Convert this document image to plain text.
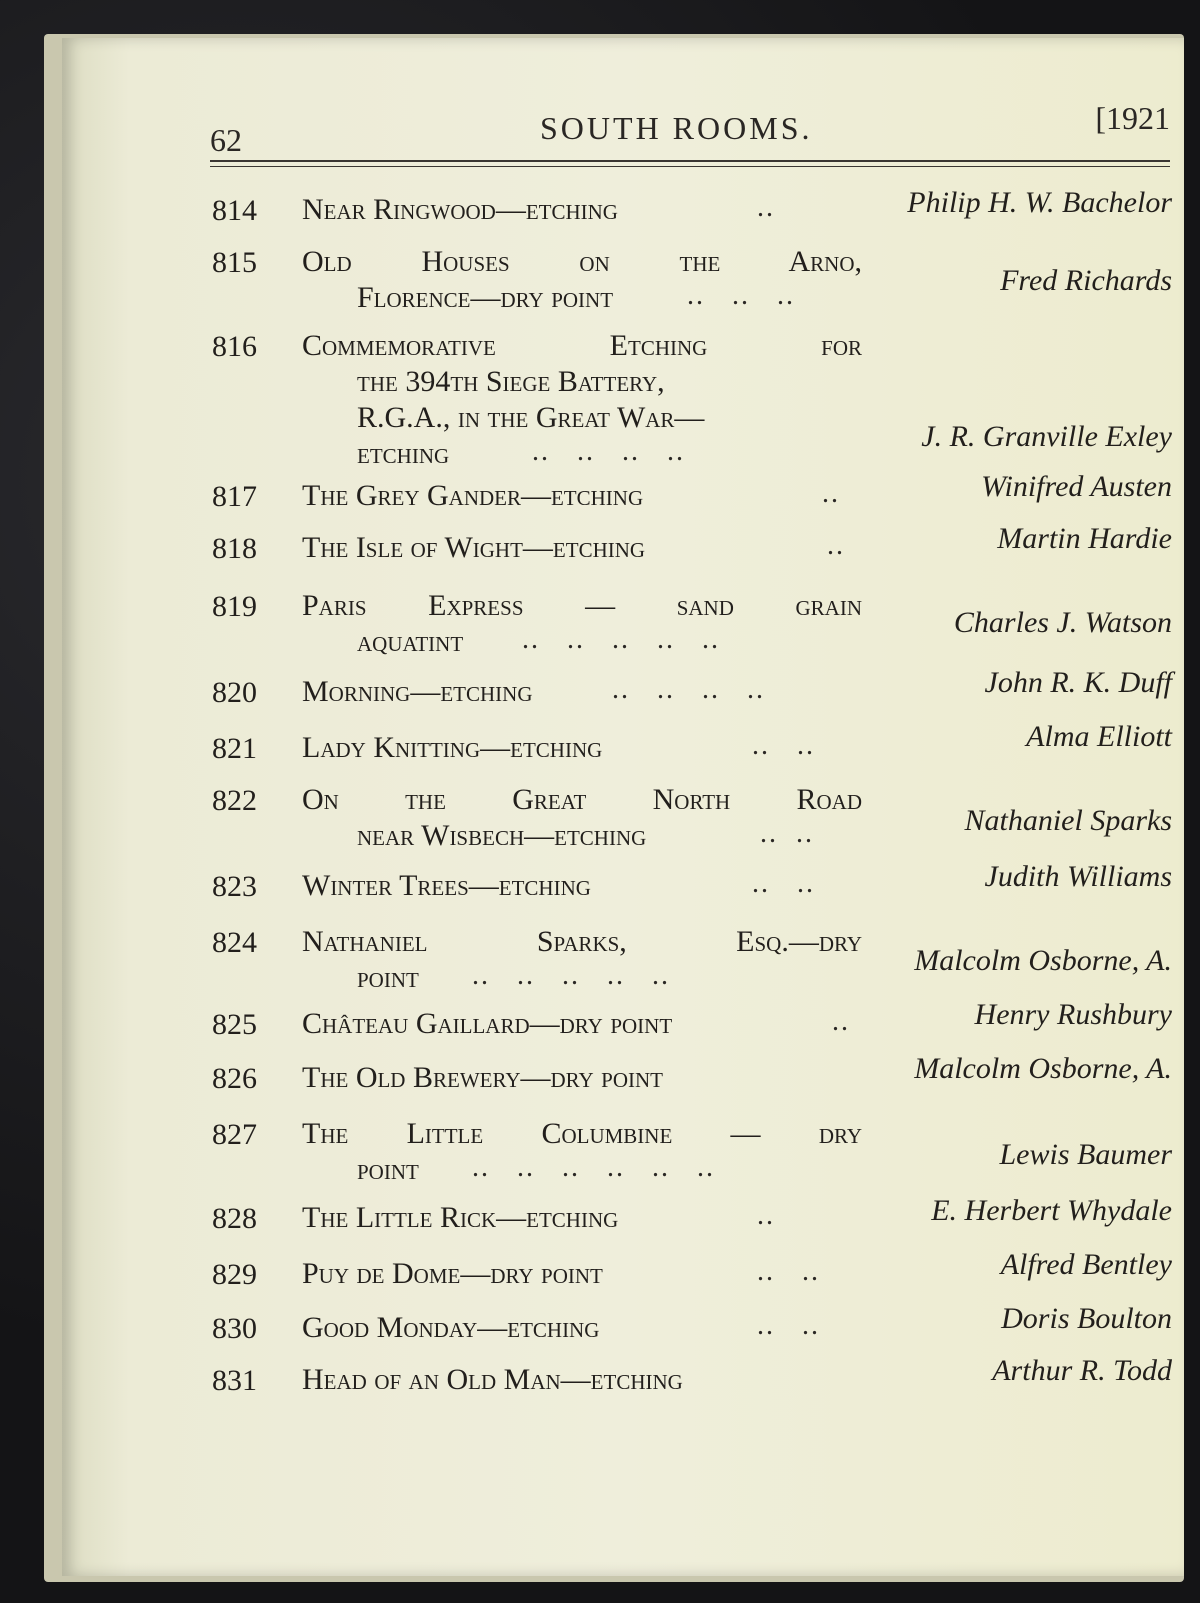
62	SOUTH ROOMS.	[1921
814 Near Ringwood—etching	..	Philip H. W. Bachelor
815 Old Houses on the Arno,
Florence—dry point	..   ..   ..	Fred Richards
816 Commemorative Etching for
the 394th Siege Battery,
R.G.A., in the Great War—
etching	..   ..   ..   ..	J. R. Granville Exley
817 The Grey Gander—etching	..	Winifred Austen
818 The Isle of Wight—etching	..	Martin Hardie
819 Paris Express — sand grain
aquatint ..   ..   ..   ..   ..
Charles J. Watson
820 Morning—etching	..   ..   ..   ..	John R. K. Duff
821 Lady Knitting—etching	..   ..	Alma Elliott
822 On the Great North Road
near Wisbech—etching	..  ..	Nathaniel Sparks
823 Winter Trees—etching	..   ..	Judith Williams
824 Nathaniel Sparks, Esq.—dry
point ..   ..   ..   ..   ..	Malcolm Osborne, A.
825 Château Gaillard—dry point	..	Henry Rushbury
826 The Old Brewery—dry point	Malcolm Osborne, A.
827 The Little Columbine — dry
point ..   ..   ..   ..   ..   ..	Lewis Baumer
828 The Little Rick—etching	..	E. Herbert Whydale
829 Puy de Dome—dry point	..   ..	Alfred Bentley
830 Good Monday—etching	..   ..	Doris Boulton
831 Head of an Old Man—etching	Arthur R. Todd
